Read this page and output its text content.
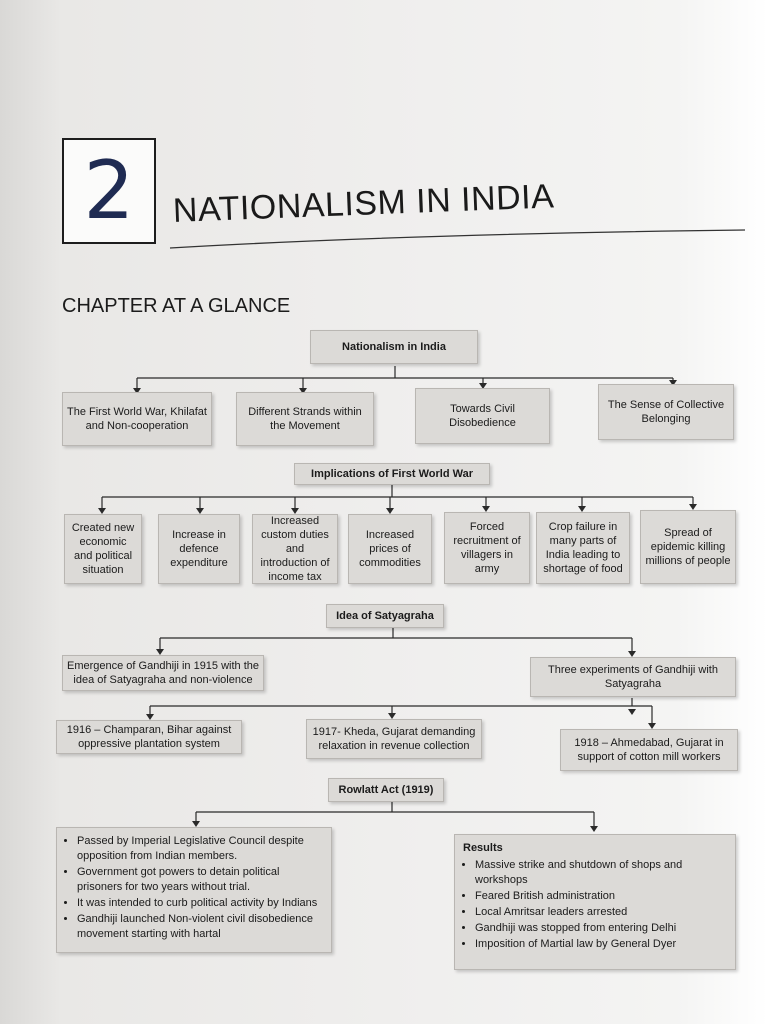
2 NATIONALISM IN INDIA
CHAPTER AT A GLANCE
Nationalism in India
The First World War, Khilafat and Non-cooperation
Different Strands within the Movement
Towards Civil Disobedience
The Sense of Collective Belonging
Implications of First World War
Created new economic and political situation
Increase in defence expenditure
Increased custom duties and introduction of income tax
Increased prices of commodities
Forced recruitment of villagers in army
Crop failure in many parts of India leading to shortage of food
Spread of epidemic killing millions of people
Idea of Satyagraha
Emergence of Gandhiji in 1915 with the idea of Satyagraha and non-violence
Three experiments of Gandhiji with Satyagraha
1916 – Champaran, Bihar against oppressive plantation system
1917- Kheda, Gujarat demanding relaxation in revenue collection	1918 – Ahmedabad, Gujarat in support of cotton mill workers
Rowlatt Act (1919)
• Passed by Imperial Legislative Council despite opposition from Indian members.
• Government got powers to detain political prisoners for two years without trial.
• It was intended to curb political activity by Indians
• Gandhiji launched Non-violent civil disobedience movement starting with hartal
Results
• Massive strike and shutdown of shops and workshops
• Feared British administration
• Local Amritsar leaders arrested
• Gandhiji was stopped from entering Delhi
• Imposition of Martial law by General Dyer
